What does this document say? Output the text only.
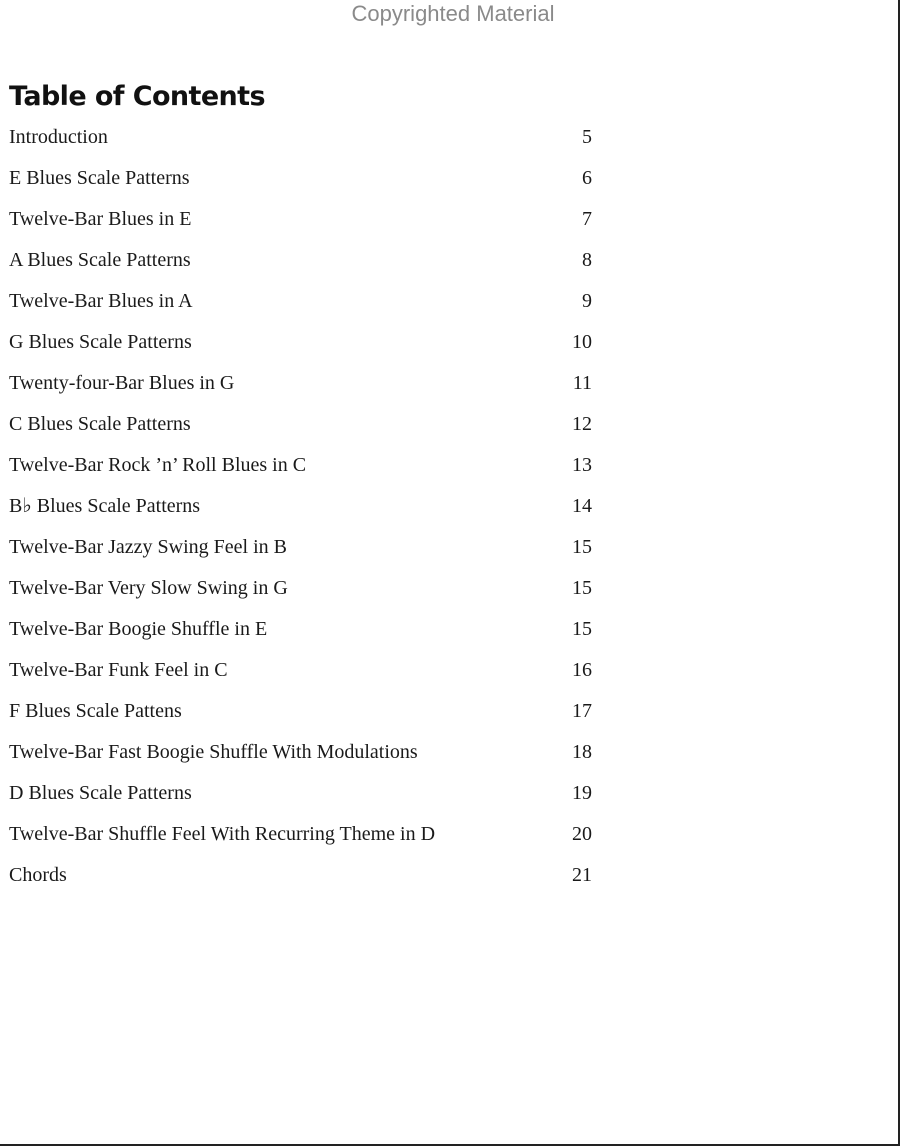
Copyrighted Material
Table of Contents
Introduction	5
E Blues Scale Patterns	6
Twelve-Bar Blues in E	7
A Blues Scale Patterns	8
Twelve-Bar Blues in A	9
G Blues Scale Patterns	10
Twenty-four-Bar Blues in G	11
C Blues Scale Patterns	12
Twelve-Bar Rock ’n’ Roll Blues in C	13
B♭ Blues Scale Patterns	14
Twelve-Bar Jazzy Swing Feel in B	15
Twelve-Bar Very Slow Swing in G	15
Twelve-Bar Boogie Shuffle in E	15
Twelve-Bar Funk Feel in C	16
F Blues Scale Pattens	17
Twelve-Bar Fast Boogie Shuffle With Modulations	18
D Blues Scale Patterns	19
Twelve-Bar Shuffle Feel With Recurring Theme in D	20
Chords	21
